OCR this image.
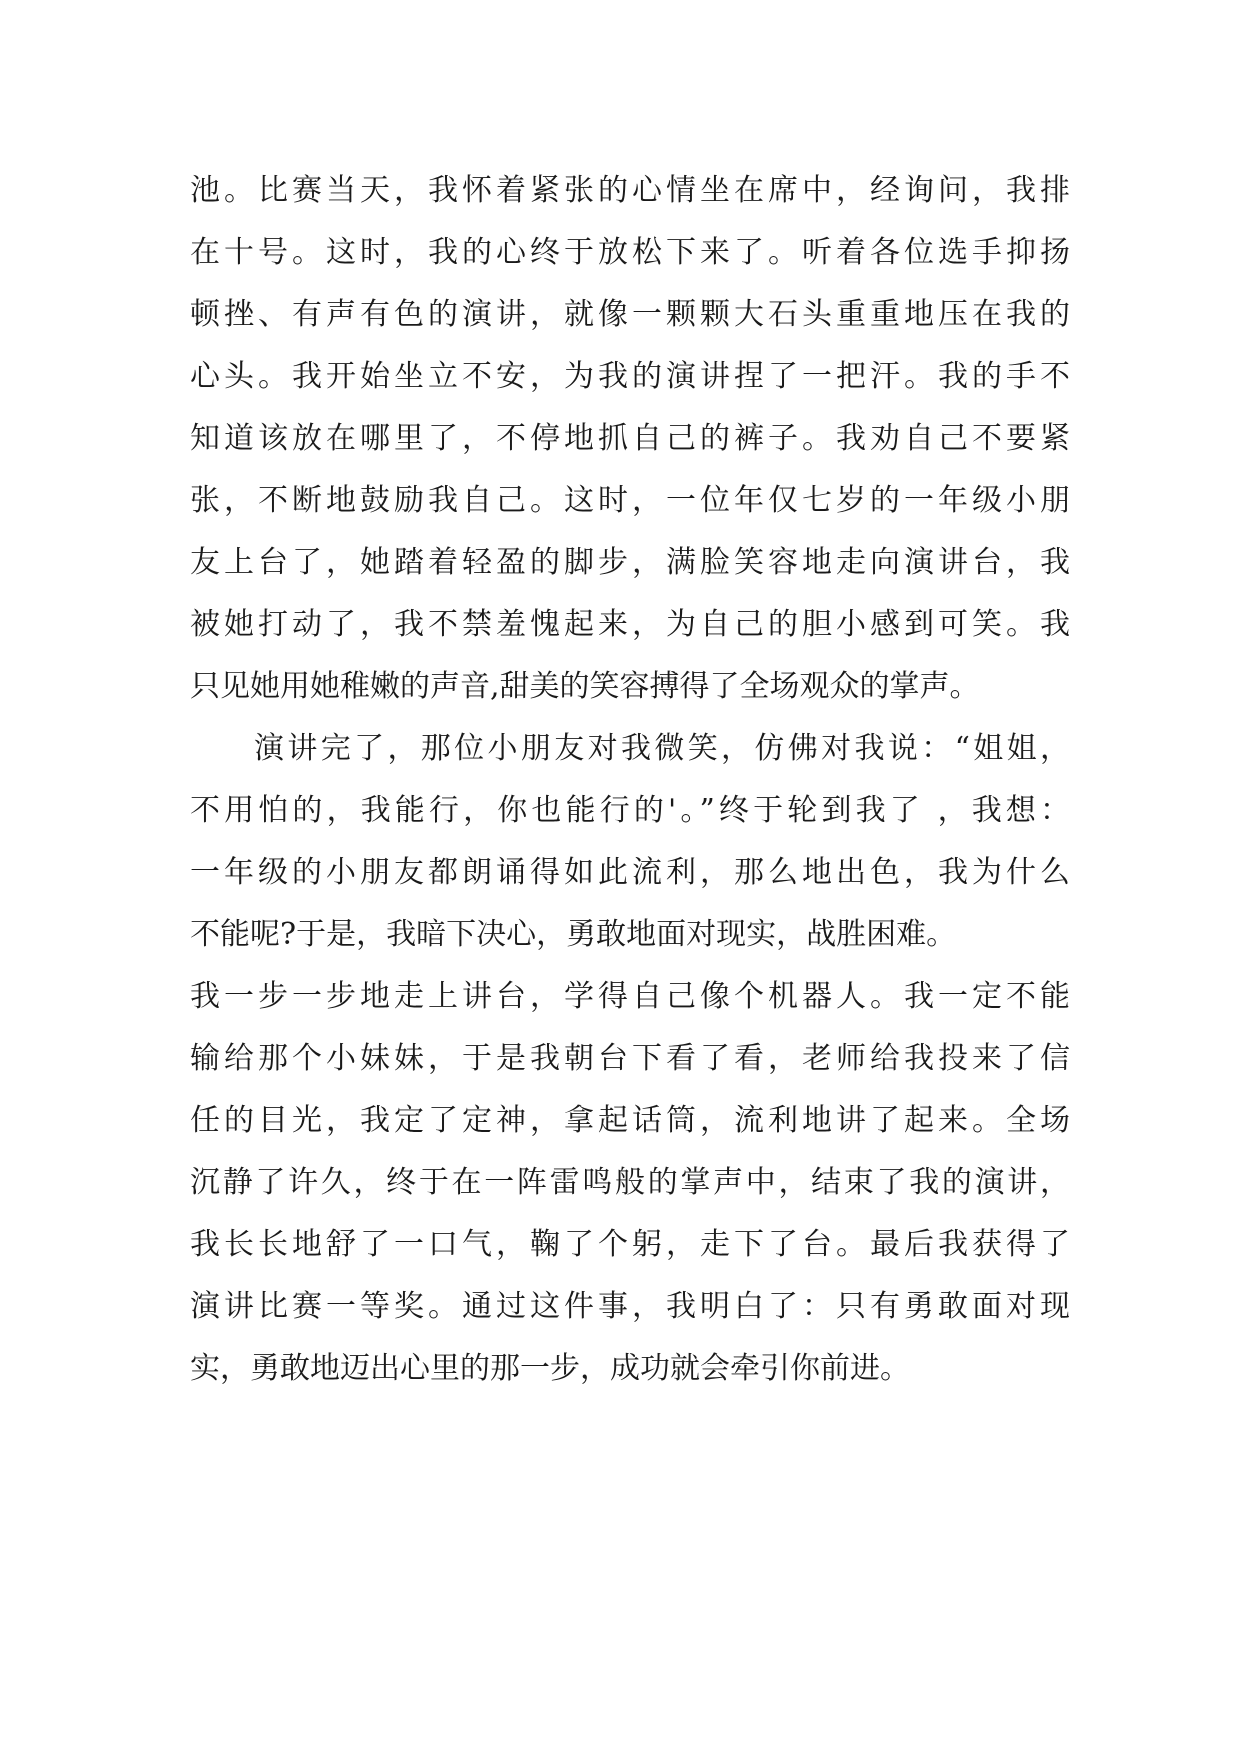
池。比赛当天，我怀着紧张的心情坐在席中，经询问，我排
在十号。这时，我的心终于放松下来了。听着各位选手抑扬
顿挫、有声有色的演讲，就像一颗颗大石头重重地压在我的
心头。我开始坐立不安，为我的演讲捏了一把汗。我的手不
知道该放在哪里了，不停地抓自己的裤子。我劝自己不要紧
张，不断地鼓励我自己。这时，一位年仅七岁的一年级小朋
友上台了，她踏着轻盈的脚步，满脸笑容地走向演讲台，我
被她打动了，我不禁羞愧起来，为自己的胆小感到可笑。我
只见她用她稚嫩的声音,甜美的笑容搏得了全场观众的掌声。
演讲完了，那位小朋友对我微笑，仿佛对我说：“姐姐，
不用怕的，我能行，你也能行的'。”终于轮到我了 ，我想：
一年级的小朋友都朗诵得如此流利，那么地出色，我为什么
不能呢?于是，我暗下决心，勇敢地面对现实，战胜困难。
我一步一步地走上讲台，学得自己像个机器人。我一定不能
输给那个小妹妹，于是我朝台下看了看，老师给我投来了信
任的目光，我定了定神，拿起话筒，流利地讲了起来。全场
沉静了许久，终于在一阵雷鸣般的掌声中，结束了我的演讲，
我长长地舒了一口气，鞠了个躬，走下了台。最后我获得了
演讲比赛一等奖。通过这件事，我明白了：只有勇敢面对现
实，勇敢地迈出心里的那一步，成功就会牵引你前进。
